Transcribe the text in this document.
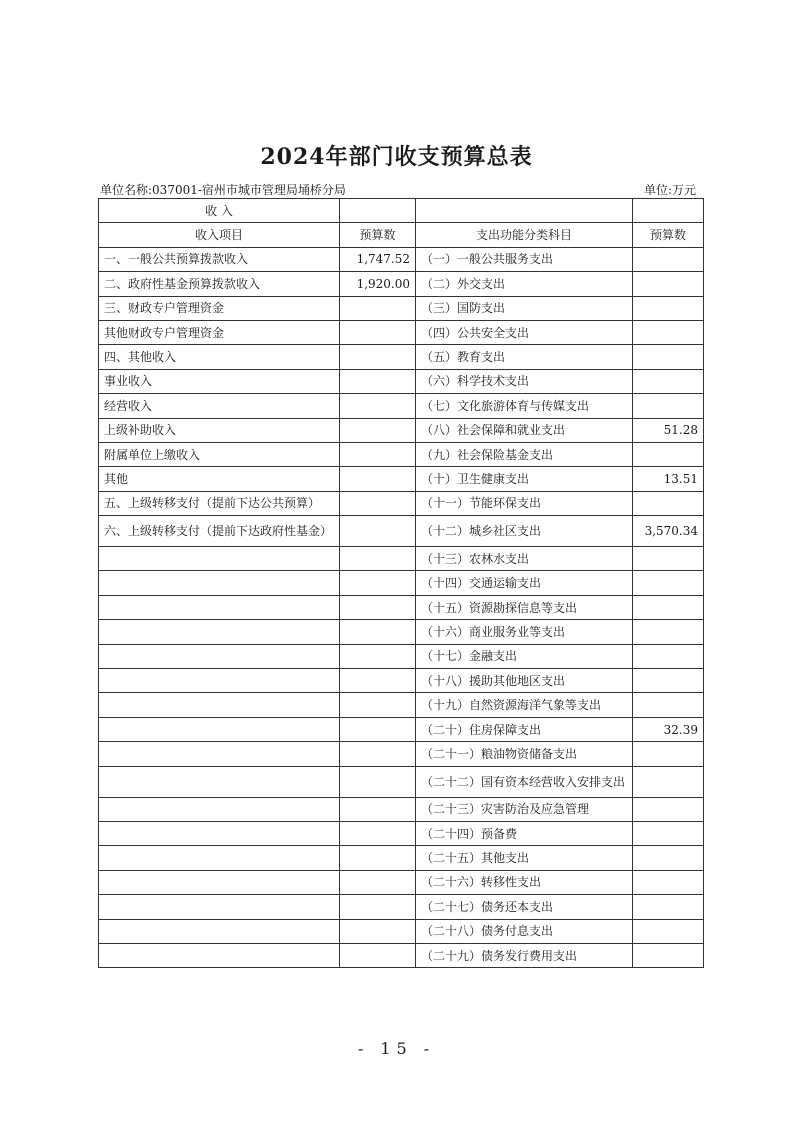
2024年部门收支预算总表
单位名称:037001-宿州市城市管理局埇桥分局	单位:万元
收 入			
收入项目	预算数	支出功能分类科目	预算数
一、一般公共预算拨款收入	1,747.52	（一）一般公共服务支出	
二、政府性基金预算拨款收入	1,920.00	（二）外交支出	
三、财政专户管理资金		（三）国防支出	
其他财政专户管理资金		（四）公共安全支出	
四、其他收入		（五）教育支出	
事业收入		（六）科学技术支出	
经营收入		（七）文化旅游体育与传媒支出	
上级补助收入		（八）社会保障和就业支出	51.28
附属单位上缴收入		（九）社会保险基金支出	
其他		（十）卫生健康支出	13.51
五、上级转移支付（提前下达公共预算）		（十一）节能环保支出	
六、上级转移支付（提前下达政府性基金）		（十二）城乡社区支出	3,570.34
		（十三）农林水支出	
		（十四）交通运输支出	
		（十五）资源勘探信息等支出	
		（十六）商业服务业等支出	
		（十七）金融支出	
		（十八）援助其他地区支出	
		（十九）自然资源海洋气象等支出	
		（二十）住房保障支出	32.39
		（二十一）粮油物资储备支出	
		（二十二）国有资本经营收入安排支出	
		（二十三）灾害防治及应急管理	
		（二十四）预备费	
		（二十五）其他支出	
		（二十六）转移性支出	
		（二十七）债务还本支出	
		（二十八）债务付息支出	
		（二十九）债务发行费用支出	
- 15 -
